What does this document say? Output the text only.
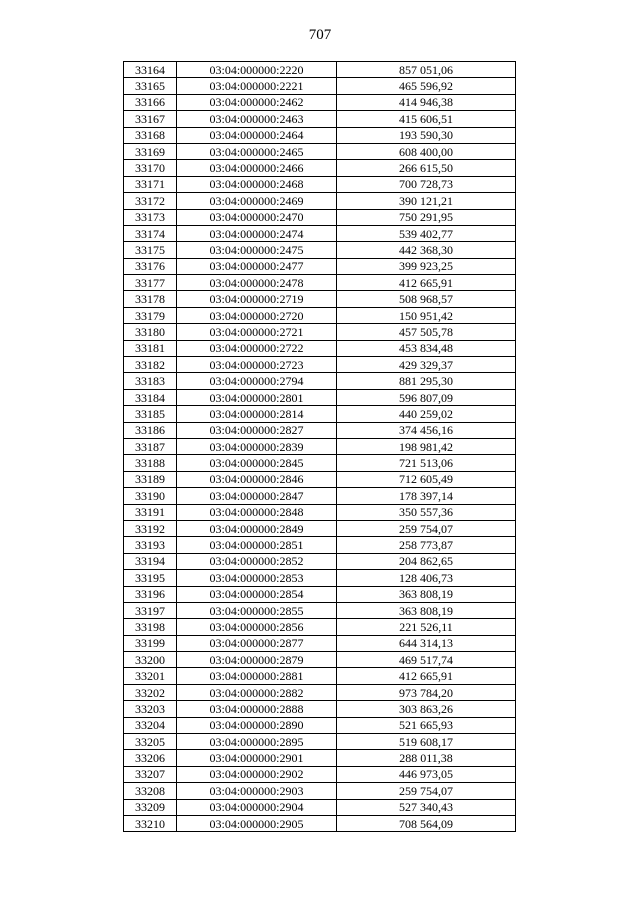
707
33164	03:04:000000:2220	857 051,06
33165	03:04:000000:2221	465 596,92
33166	03:04:000000:2462	414 946,38
33167	03:04:000000:2463	415 606,51
33168	03:04:000000:2464	193 590,30
33169	03:04:000000:2465	608 400,00
33170	03:04:000000:2466	266 615,50
33171	03:04:000000:2468	700 728,73
33172	03:04:000000:2469	390 121,21
33173	03:04:000000:2470	750 291,95
33174	03:04:000000:2474	539 402,77
33175	03:04:000000:2475	442 368,30
33176	03:04:000000:2477	399 923,25
33177	03:04:000000:2478	412 665,91
33178	03:04:000000:2719	508 968,57
33179	03:04:000000:2720	150 951,42
33180	03:04:000000:2721	457 505,78
33181	03:04:000000:2722	453 834,48
33182	03:04:000000:2723	429 329,37
33183	03:04:000000:2794	881 295,30
33184	03:04:000000:2801	596 807,09
33185	03:04:000000:2814	440 259,02
33186	03:04:000000:2827	374 456,16
33187	03:04:000000:2839	198 981,42
33188	03:04:000000:2845	721 513,06
33189	03:04:000000:2846	712 605,49
33190	03:04:000000:2847	178 397,14
33191	03:04:000000:2848	350 557,36
33192	03:04:000000:2849	259 754,07
33193	03:04:000000:2851	258 773,87
33194	03:04:000000:2852	204 862,65
33195	03:04:000000:2853	128 406,73
33196	03:04:000000:2854	363 808,19
33197	03:04:000000:2855	363 808,19
33198	03:04:000000:2856	221 526,11
33199	03:04:000000:2877	644 314,13
33200	03:04:000000:2879	469 517,74
33201	03:04:000000:2881	412 665,91
33202	03:04:000000:2882	973 784,20
33203	03:04:000000:2888	303 863,26
33204	03:04:000000:2890	521 665,93
33205	03:04:000000:2895	519 608,17
33206	03:04:000000:2901	288 011,38
33207	03:04:000000:2902	446 973,05
33208	03:04:000000:2903	259 754,07
33209	03:04:000000:2904	527 340,43
33210	03:04:000000:2905	708 564,09
